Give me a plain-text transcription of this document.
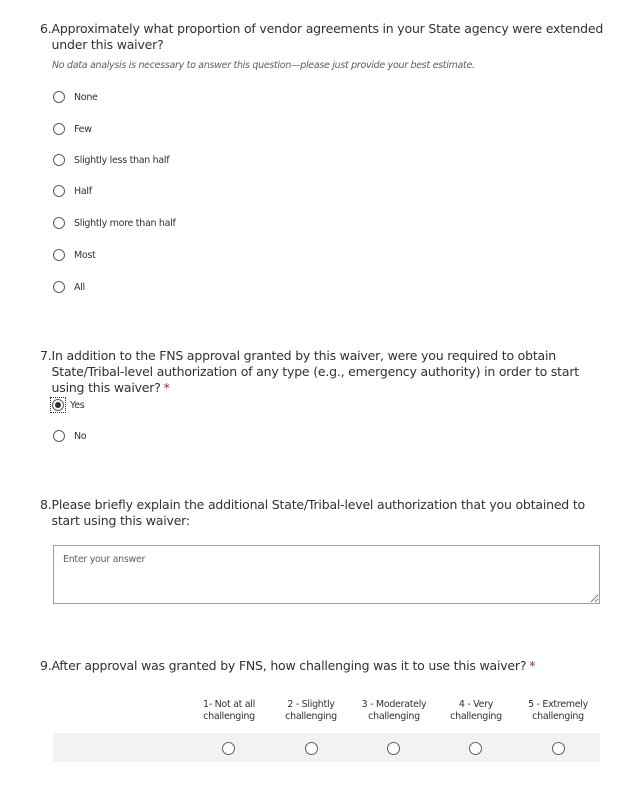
6. Approximately what proportion of vendor agreements in your State agency were extended under this waiver?
No data analysis is necessary to answer this question—please just provide your best estimate.
None
Few
Slightly less than half
Half
Slightly more than half
Most
All
7. In addition to the FNS approval granted by this waiver, were you required to obtain State/Tribal-level authorization of any type (e.g., emergency authority) in order to start using this waiver? *
Yes
No
8. Please briefly explain the additional State/Tribal-level authorization that you obtained to start using this waiver:
Enter your answer
9. After approval was granted by FNS, how challenging was it to use this waiver? *
1- Not at all challenging
2 - Slightly challenging
3 - Moderately challenging
4 - Very challenging
5 - Extremely challenging
